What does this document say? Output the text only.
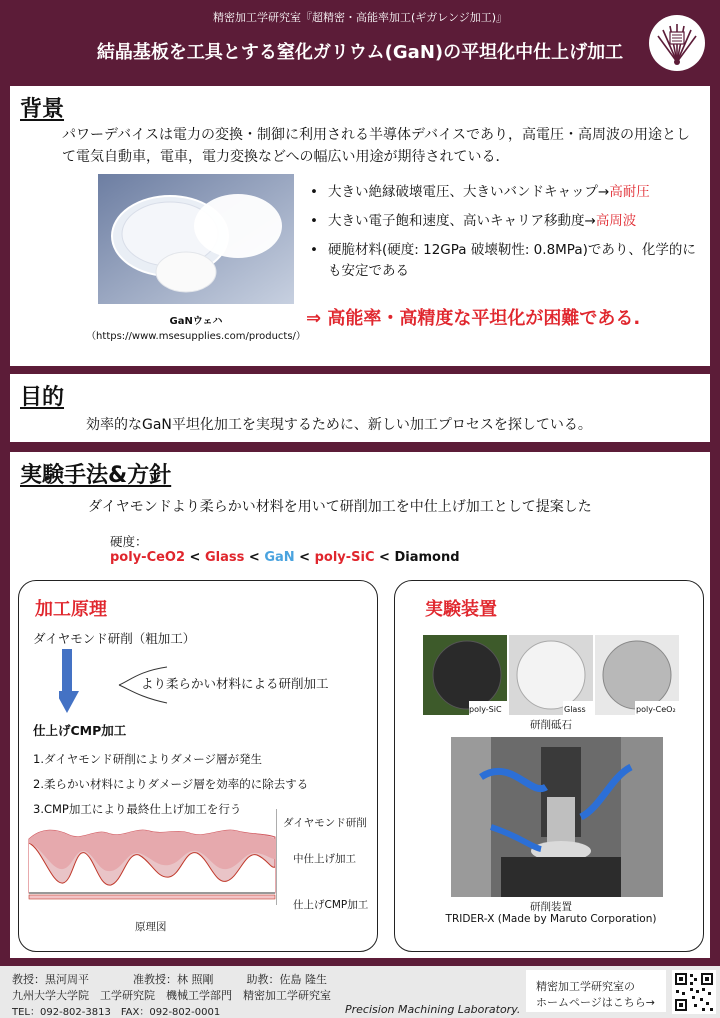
精密加工学研究室『超精密・高能率加工(ギガレンジ加工)』
結晶基板を工具とする窒化ガリウム(GaN)の平坦化中仕上げ加工
背景
パワーデバイスは電力の変換・制御に利用される半導体デバイスであり，高電圧・高周波の用途として電気自動車，電車，電力変換などへの幅広い用途が期待されている．
GaNウェハ
（https://www.msesupplies.com/products/）
• 大きい絶縁破壊電圧、大きいバンドキャップ→高耐圧
• 大きい電子飽和速度、高いキャリア移動度→高周波
• 硬脆材料(硬度: 12GPa 破壊靭性: 0.8MPa)であり、化学的にも安定である
⇒ 高能率・高精度な平坦化が困難である.
目的
効率的なGaN平坦化加工を実現するために、新しい加工プロセスを探している。
実験手法&方針
ダイヤモンドより柔らかい材料を用いて研削加工を中仕上げ加工として提案した
硬度：
poly-CeO2 < Glass < GaN < poly-SiC < Diamond
加工原理
ダイヤモンド研削（粗加工）
より柔らかい材料による研削加工
仕上げCMP加工
1.ダイヤモンド研削によりダメージ層が発生
2.柔らかい材料によりダメージ層を効率的に除去する
3.CMP加工により最終仕上げ加工を行う
ダイヤモンド研削
中仕上げ加工
仕上げCMP加工
原理図
実験装置
poly-SiC	Glass	poly-CeO₂
研削砥石
研削装置
TRIDER-X (Made by Maruto Corporation)
教授：黒河周平　　　　准教授：林 照剛　　　助教：佐島 隆生
九州大学大学院　工学研究院　機械工学部門　精密加工学研究室
TEL：092-802-3813　FAX：092-802-0001	Precision Machining Laboratory.
精密加工学研究室の
ホームページはこちら→
